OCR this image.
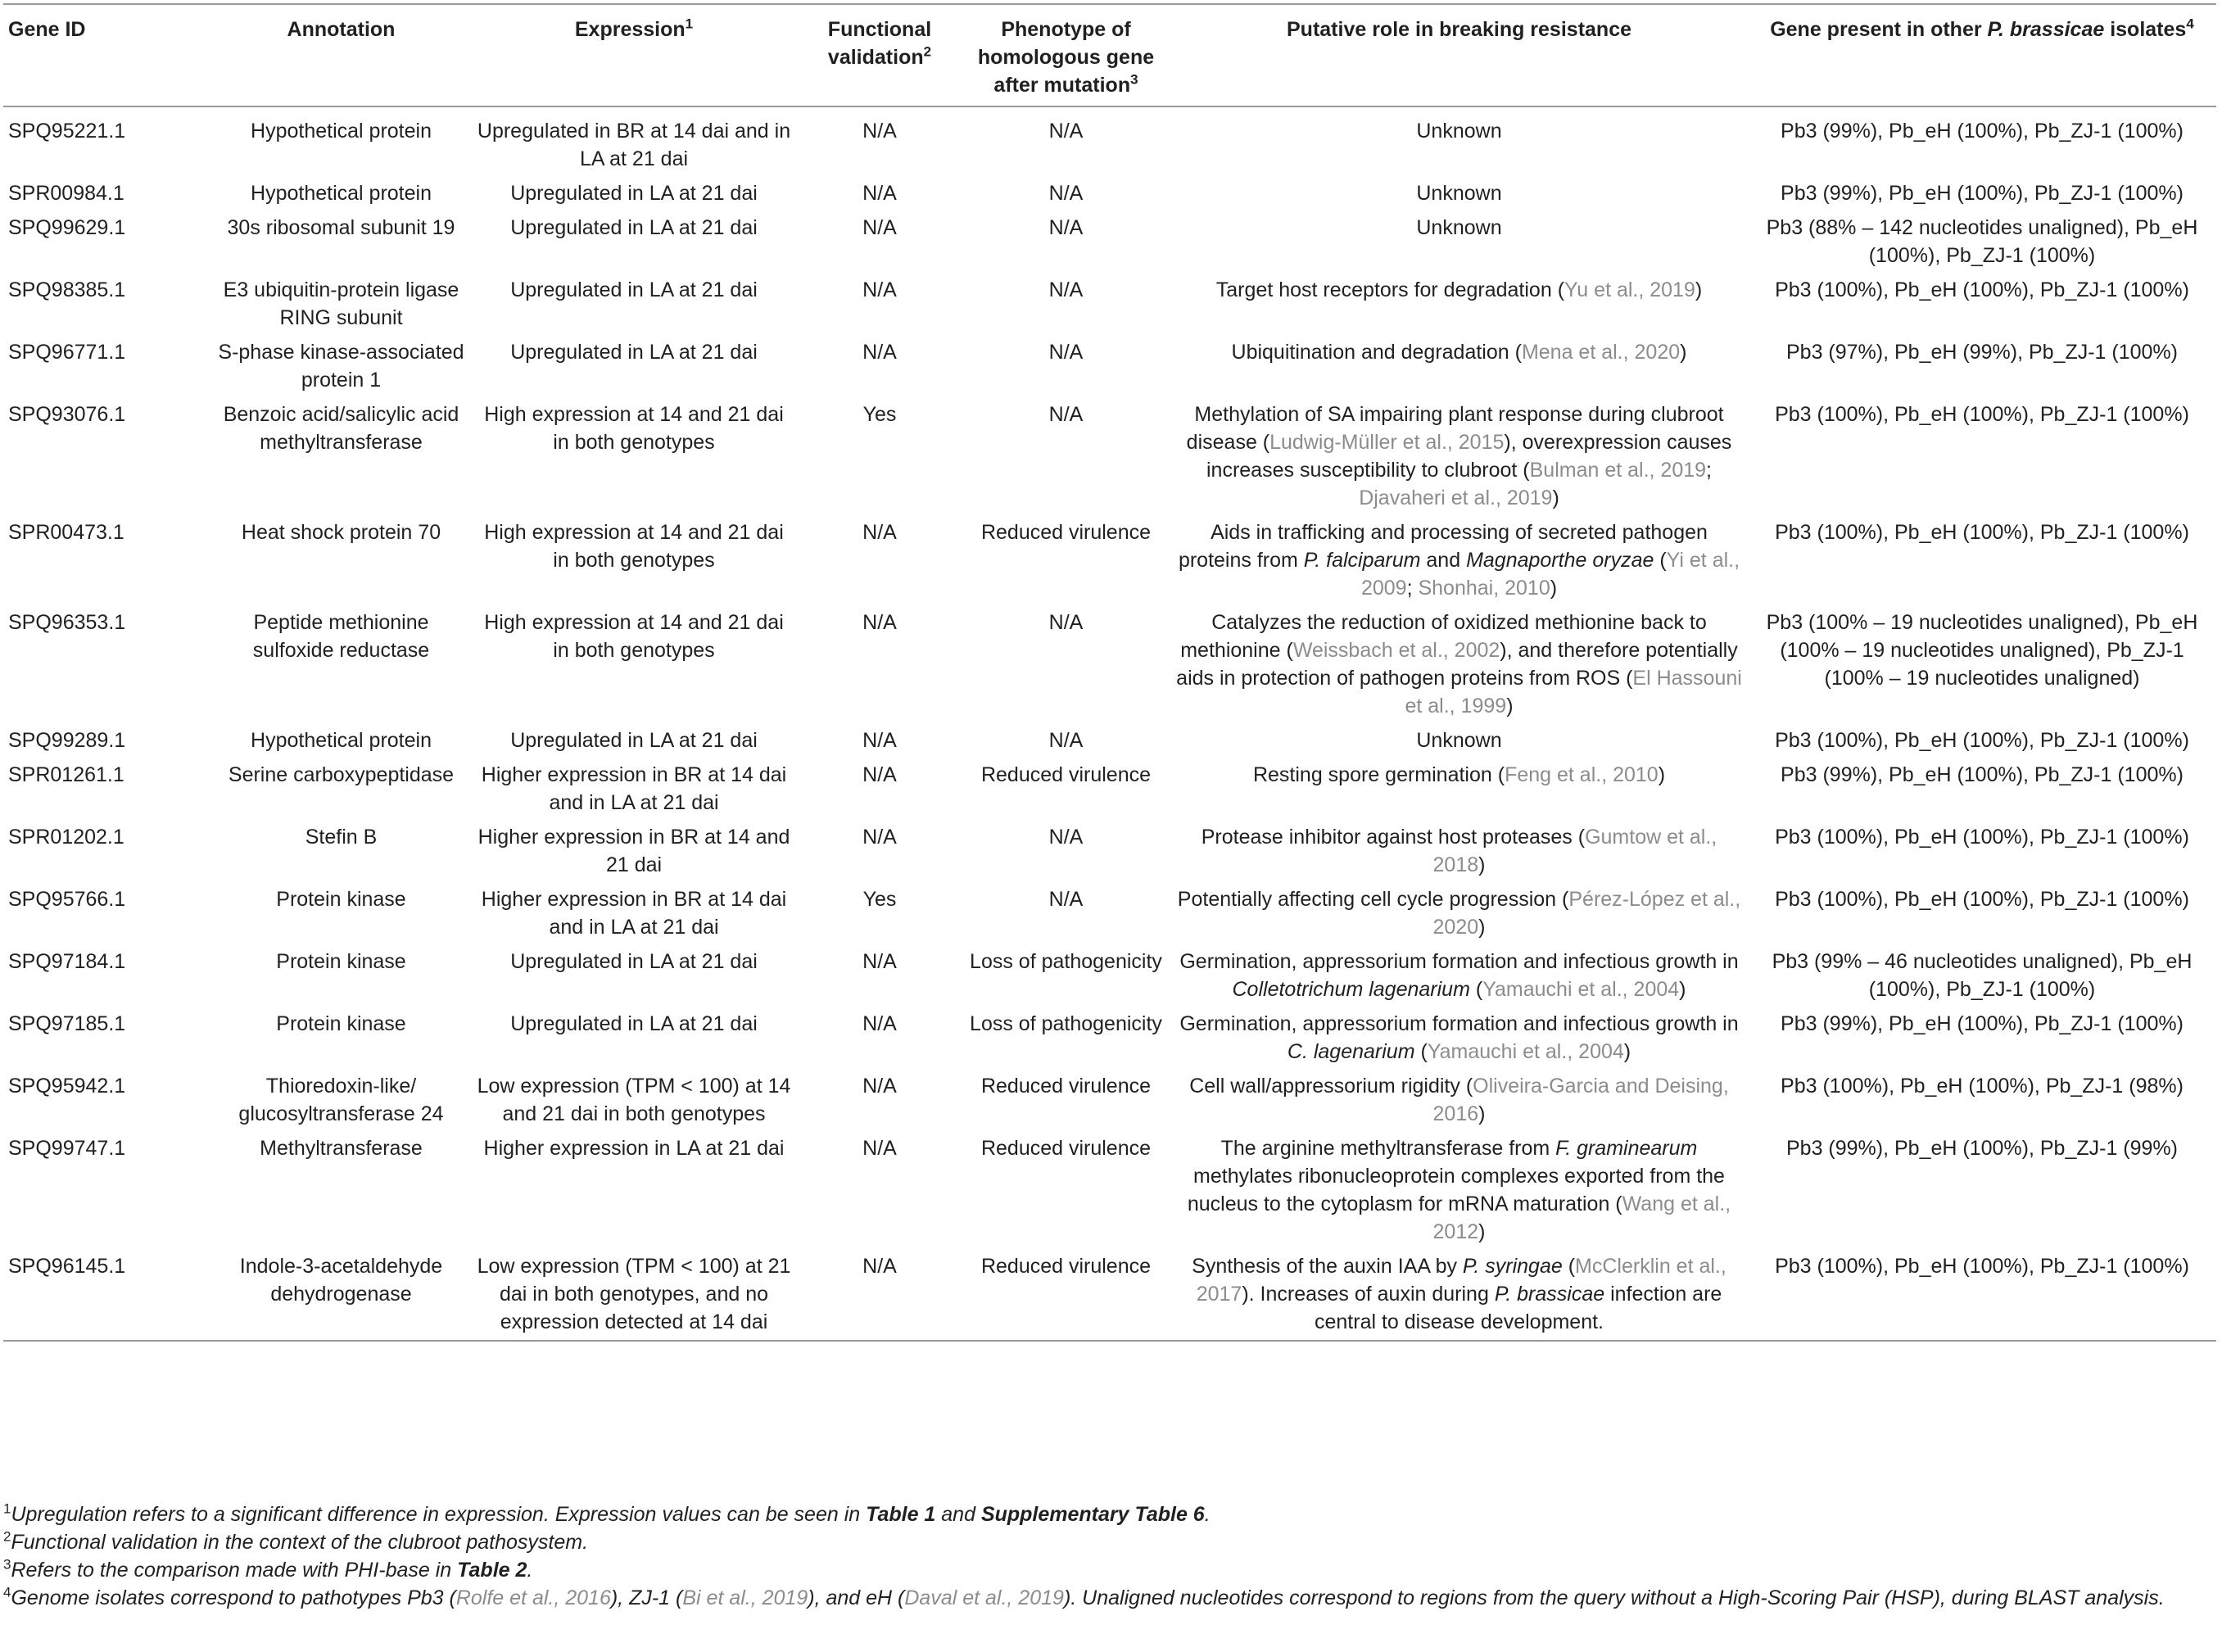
Gene ID	Annotation	Expression$^1$	Functional validation$^2$	Phenotype of homologous gene after mutation$^3$	Putative role in breaking resistance	Gene present in other P. brassicae isolates$^4$
SPQ95221.1	Hypothetical protein	Upregulated in BR at 14 dai and in LA at 21 dai	N/A	N/A	Unknown	Pb3 (99%), Pb_eH (100%), Pb_ZJ-1 (100%)
SPR00984.1	Hypothetical protein	Upregulated in LA at 21 dai	N/A	N/A	Unknown	Pb3 (99%), Pb_eH (100%), Pb_ZJ-1 (100%)
SPQ99629.1	30s ribosomal subunit 19	Upregulated in LA at 21 dai	N/A	N/A	Unknown	Pb3 (88% – 142 nucleotides unaligned), Pb_eH (100%), Pb_ZJ-1 (100%)
SPQ98385.1	E3 ubiquitin-protein ligase RING subunit	Upregulated in LA at 21 dai	N/A	N/A	Target host receptors for degradation (Yu et al., 2019)	Pb3 (100%), Pb_eH (100%), Pb_ZJ-1 (100%)
SPQ96771.1	S-phase kinase-associated protein 1	Upregulated in LA at 21 dai	N/A	N/A	Ubiquitination and degradation (Mena et al., 2020)	Pb3 (97%), Pb_eH (99%), Pb_ZJ-1 (100%)
SPQ93076.1	Benzoic acid/salicylic acid methyltransferase	High expression at 14 and 21 dai in both genotypes	Yes	N/A	Methylation of SA impairing plant response during clubroot disease (Ludwig-Müller et al., 2015), overexpression causes increases susceptibility to clubroot (Bulman et al., 2019; Djavaheri et al., 2019)	Pb3 (100%), Pb_eH (100%), Pb_ZJ-1 (100%)
SPR00473.1	Heat shock protein 70	High expression at 14 and 21 dai in both genotypes	N/A	Reduced virulence	Aids in trafficking and processing of secreted pathogen proteins from P. falciparum and Magnaporthe oryzae (Yi et al., 2009; Shonhai, 2010)	Pb3 (100%), Pb_eH (100%), Pb_ZJ-1 (100%)
SPQ96353.1	Peptide methionine sulfoxide reductase	High expression at 14 and 21 dai in both genotypes	N/A	N/A	Catalyzes the reduction of oxidized methionine back to methionine (Weissbach et al., 2002), and therefore potentially aids in protection of pathogen proteins from ROS (El Hassouni et al., 1999)	Pb3 (100% – 19 nucleotides unaligned), Pb_eH (100% – 19 nucleotides unaligned), Pb_ZJ-1 (100% – 19 nucleotides unaligned)
SPQ99289.1	Hypothetical protein	Upregulated in LA at 21 dai	N/A	N/A	Unknown	Pb3 (100%), Pb_eH (100%), Pb_ZJ-1 (100%)
SPR01261.1	Serine carboxypeptidase	Higher expression in BR at 14 dai and in LA at 21 dai	N/A	Reduced virulence	Resting spore germination (Feng et al., 2010)	Pb3 (99%), Pb_eH (100%), Pb_ZJ-1 (100%)
SPR01202.1	Stefin B	Higher expression in BR at 14 and 21 dai	N/A	N/A	Protease inhibitor against host proteases (Gumtow et al., 2018)	Pb3 (100%), Pb_eH (100%), Pb_ZJ-1 (100%)
SPQ95766.1	Protein kinase	Higher expression in BR at 14 dai and in LA at 21 dai	Yes	N/A	Potentially affecting cell cycle progression (Pérez-López et al., 2020)	Pb3 (100%), Pb_eH (100%), Pb_ZJ-1 (100%)
SPQ97184.1	Protein kinase	Upregulated in LA at 21 dai	N/A	Loss of pathogenicity	Germination, appressorium formation and infectious growth in Colletotrichum lagenarium (Yamauchi et al., 2004)	Pb3 (99% – 46 nucleotides unaligned), Pb_eH (100%), Pb_ZJ-1 (100%)
SPQ97185.1	Protein kinase	Upregulated in LA at 21 dai	N/A	Loss of pathogenicity	Germination, appressorium formation and infectious growth in C. lagenarium (Yamauchi et al., 2004)	Pb3 (99%), Pb_eH (100%), Pb_ZJ-1 (100%)
SPQ95942.1	Thioredoxin-like/ glucosyltransferase 24	Low expression (TPM < 100) at 14 and 21 dai in both genotypes	N/A	Reduced virulence	Cell wall/appressorium rigidity (Oliveira-Garcia and Deising, 2016)	Pb3 (100%), Pb_eH (100%), Pb_ZJ-1 (98%)
SPQ99747.1	Methyltransferase	Higher expression in LA at 21 dai	N/A	Reduced virulence	The arginine methyltransferase from F. graminearum methylates ribonucleoprotein complexes exported from the nucleus to the cytoplasm for mRNA maturation (Wang et al., 2012)	Pb3 (99%), Pb_eH (100%), Pb_ZJ-1 (99%)
SPQ96145.1	Indole-3-acetaldehyde dehydrogenase	Low expression (TPM < 100) at 21 dai in both genotypes, and no expression detected at 14 dai	N/A	Reduced virulence	Synthesis of the auxin IAA by P. syringae (McClerklin et al., 2017). Increases of auxin during P. brassicae infection are central to disease development.	Pb3 (100%), Pb_eH (100%), Pb_ZJ-1 (100%)

$^1$Upregulation refers to a significant difference in expression. Expression values can be seen in Table 1 and Supplementary Table 6.

$^2$Functional validation in the context of the clubroot pathosystem.

$^3$Refers to the comparison made with PHI-base in Table 2.

$^4$Genome isolates correspond to pathotypes Pb3 (Rolfe et al., 2016), ZJ-1 (Bi et al., 2019), and eH (Daval et al., 2019). Unaligned nucleotides correspond to regions from the query without a High-Scoring Pair (HSP), during BLAST analysis.
